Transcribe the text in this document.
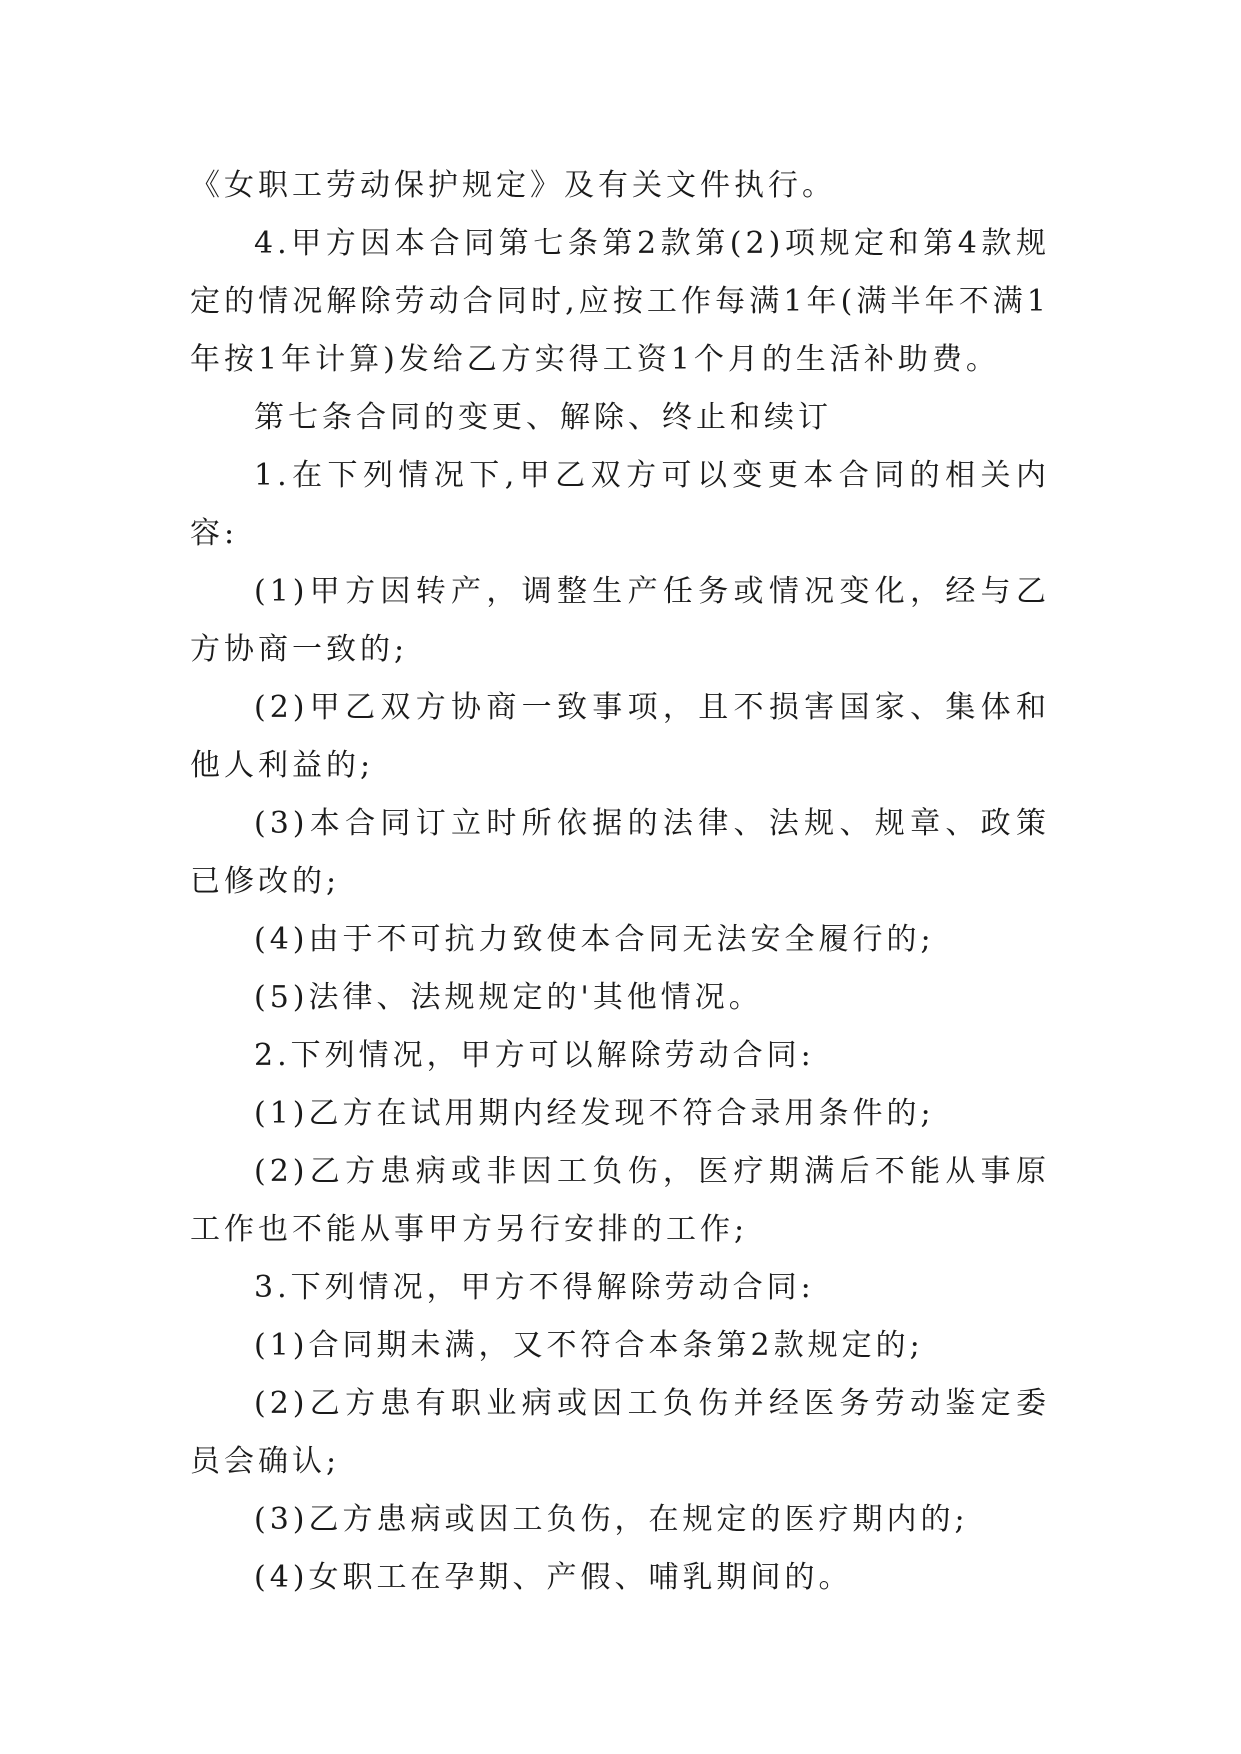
《女职工劳动保护规定》及有关文件执行。

4.甲方因本合同第七条第2款第(2)项规定和第4款规定的情况解除劳动合同时,应按工作每满1年(满半年不满1年按1年计算)发给乙方实得工资1个月的生活补助费。

第七条合同的变更、解除、终止和续订

1.在下列情况下,甲乙双方可以变更本合同的相关内容:

(1)甲方因转产，调整生产任务或情况变化，经与乙方协商一致的;

(2)甲乙双方协商一致事项，且不损害国家、集体和他人利益的;

(3)本合同订立时所依据的法律、法规、规章、政策已修改的;

(4)由于不可抗力致使本合同无法安全履行的;

(5)法律、法规规定的'其他情况。

2.下列情况，甲方可以解除劳动合同:

(1)乙方在试用期内经发现不符合录用条件的;

(2)乙方患病或非因工负伤，医疗期满后不能从事原工作也不能从事甲方另行安排的工作;

3.下列情况，甲方不得解除劳动合同:

(1)合同期未满，又不符合本条第2款规定的;

(2)乙方患有职业病或因工负伤并经医务劳动鉴定委员会确认;

(3)乙方患病或因工负伤，在规定的医疗期内的;

(4)女职工在孕期、产假、哺乳期间的。
